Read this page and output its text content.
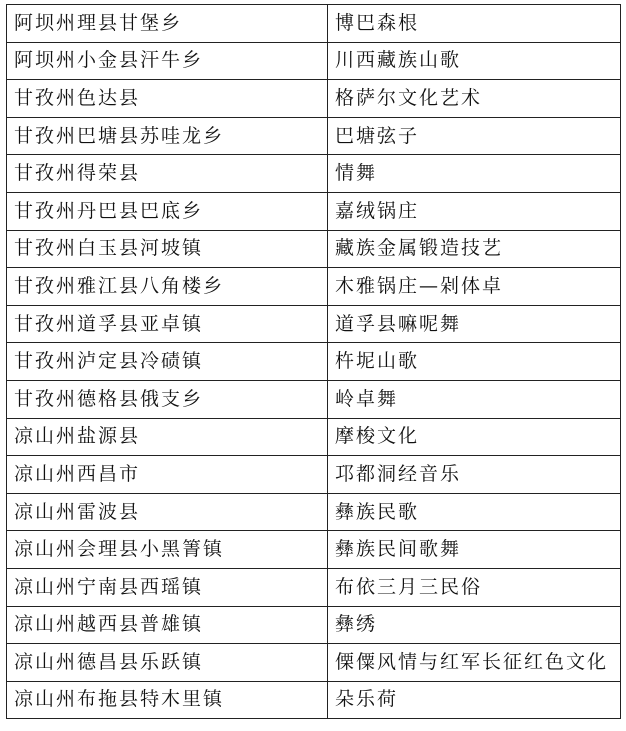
阿坝州理县甘堡乡	博巴森根
阿坝州小金县汗牛乡	川西藏族山歌
甘孜州色达县	格萨尔文化艺术
甘孜州巴塘县苏哇龙乡	巴塘弦子
甘孜州得荣县	情舞
甘孜州丹巴县巴底乡	嘉绒锅庄
甘孜州白玉县河坡镇	藏族金属锻造技艺
甘孜州雅江县八角楼乡	木雅锅庄—剁体卓
甘孜州道孚县亚卓镇	道孚县嘛呢舞
甘孜州泸定县冷碛镇	杵坭山歌
甘孜州德格县俄支乡	岭卓舞
凉山州盐源县	摩梭文化
凉山州西昌市	邛都洞经音乐
凉山州雷波县	彝族民歌
凉山州会理县小黑箐镇	彝族民间歌舞
凉山州宁南县西瑶镇	布依三月三民俗
凉山州越西县普雄镇	彝绣
凉山州德昌县乐跃镇	傈僳风情与红军长征红色文化
凉山州布拖县特木里镇	朵乐荷
